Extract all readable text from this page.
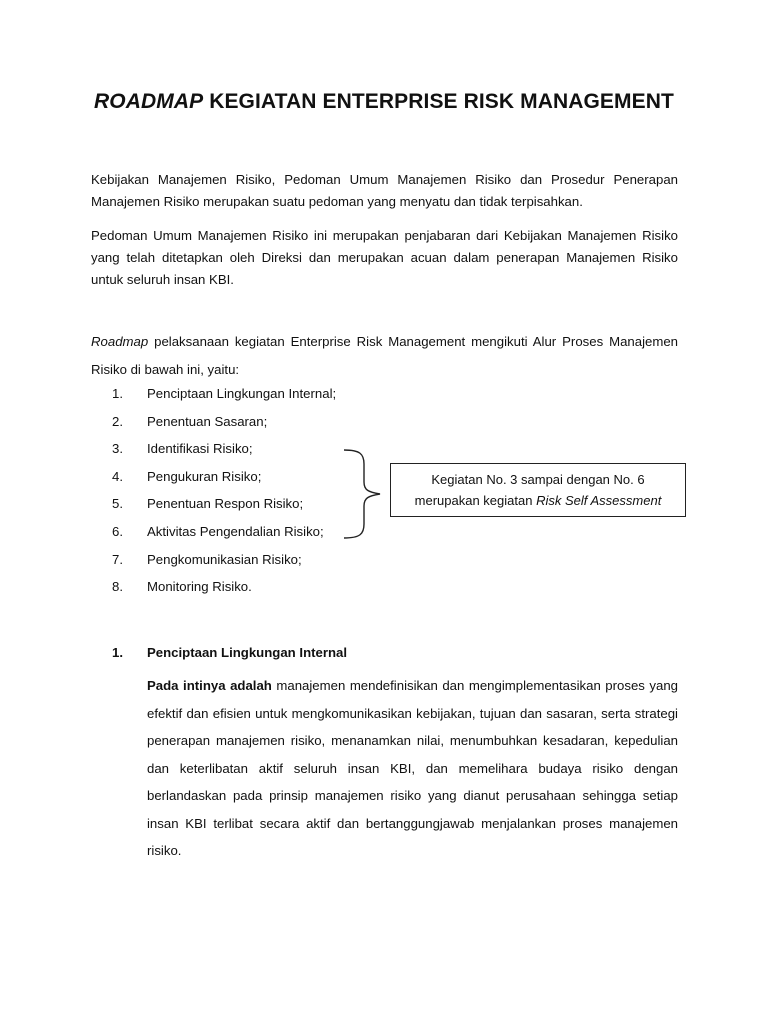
ROADMAP KEGIATAN ENTERPRISE RISK MANAGEMENT
Kebijakan Manajemen Risiko, Pedoman Umum Manajemen Risiko dan Prosedur Penerapan Manajemen Risiko merupakan suatu pedoman yang menyatu dan tidak terpisahkan.
Pedoman Umum Manajemen Risiko ini merupakan penjabaran dari Kebijakan Manajemen Risiko yang telah ditetapkan oleh Direksi dan merupakan acuan dalam penerapan Manajemen Risiko untuk seluruh insan KBI.
Roadmap pelaksanaan kegiatan Enterprise Risk Management mengikuti Alur Proses Manajemen Risiko di bawah ini, yaitu:
1.	Penciptaan Lingkungan Internal;
2.	Penentuan Sasaran;
3.	Identifikasi Risiko;
4.	Pengukuran Risiko;
5.	Penentuan Respon Risiko;
6.	Aktivitas Pengendalian Risiko;
7.	Pengkomunikasian Risiko;
8.	Monitoring Risiko.
Kegiatan No. 3 sampai dengan No. 6
merupakan kegiatan Risk Self Assessment
1.	Penciptaan Lingkungan Internal
Pada intinya adalah manajemen mendefinisikan dan mengimplementasikan proses yang efektif dan efisien untuk mengkomunikasikan kebijakan, tujuan dan sasaran, serta strategi penerapan manajemen risiko, menanamkan nilai, menumbuhkan kesadaran, kepedulian dan keterlibatan aktif seluruh insan KBI, dan memelihara budaya risiko dengan berlandaskan pada prinsip manajemen risiko yang dianut perusahaan sehingga setiap insan KBI terlibat secara aktif dan bertanggungjawab menjalankan proses manajemen risiko.
